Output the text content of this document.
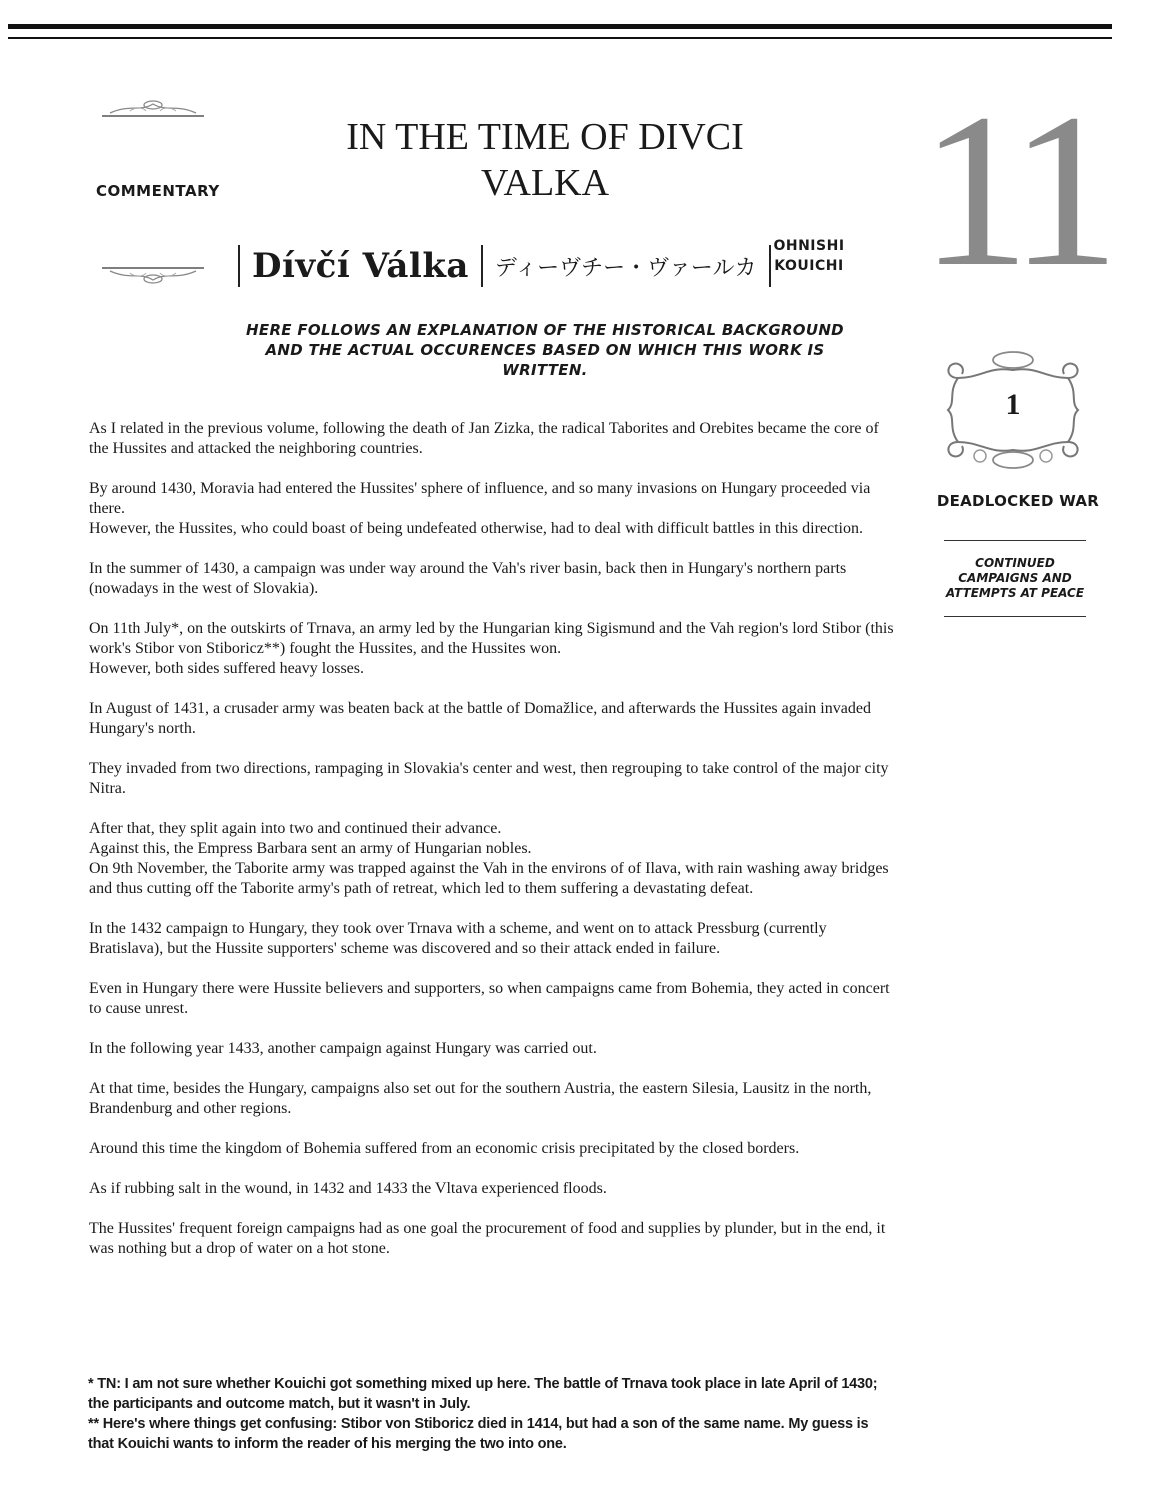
COMMENTARY
IN THE TIME OF DIVCI VALKA
Dívčí Válka	ディーヴチー・ヴァールカ
OHNISHI
KOUICHI 11
HERE FOLLOWS AN EXPLANATION OF THE HISTORICAL BACKGROUND AND THE ACTUAL OCCURENCES BASED ON WHICH THIS WORK IS WRITTEN.
1
DEADLOCKED WAR
CONTINUED CAMPAIGNS AND ATTEMPTS AT PEACE

As I related in the previous volume, following the death of Jan Zizka, the radical Taborites and Orebites became the core of the Hussites and attacked the neighboring countries.

By around 1430, Moravia had entered the Hussites' sphere of influence, and so many invasions on Hungary proceeded via there.
However, the Hussites, who could boast of being undefeated otherwise, had to deal with difficult battles in this direction.

In the summer of 1430, a campaign was under way around the Vah's river basin, back then in Hungary's northern parts (nowadays in the west of Slovakia).

On 11th July*, on the outskirts of Trnava, an army led by the Hungarian king Sigismund and the Vah region's lord Stibor (this work's Stibor von Stiboricz**) fought the Hussites, and the Hussites won.
However, both sides suffered heavy losses.

In August of 1431, a crusader army was beaten back at the battle of Domažlice, and afterwards the Hussites again invaded Hungary's north.

They invaded from two directions, rampaging in Slovakia's center and west, then regrouping to take control of the major city Nitra.

After that, they split again into two and continued their advance.
Against this, the Empress Barbara sent an army of Hungarian nobles.
On 9th November, the Taborite army was trapped against the Vah in the environs of of Ilava, with rain washing away bridges and thus cutting off the Taborite army's path of retreat, which led to them suffering a devastating defeat.

In the 1432 campaign to Hungary, they took over Trnava with a scheme, and went on to attack Pressburg (currently Bratislava), but the Hussite supporters' scheme was discovered and so their attack ended in failure.

Even in Hungary there were Hussite believers and supporters, so when campaigns came from Bohemia, they acted in concert to cause unrest.

In the following year 1433, another campaign against Hungary was carried out.

At that time, besides the Hungary, campaigns also set out for the southern Austria, the eastern Silesia, Lausitz in the north, Brandenburg and other regions.

Around this time the kingdom of Bohemia suffered from an economic crisis precipitated by the closed borders.

As if rubbing salt in the wound, in 1432 and 1433 the Vltava experienced floods.

The Hussites' frequent foreign campaigns had as one goal the procurement of food and supplies by plunder, but in the end, it was nothing but a drop of water on a hot stone.

* TN: I am not sure whether Kouichi got something mixed up here. The battle of Trnava took place in late April of 1430; the participants and outcome match, but it wasn't in July.

** Here's where things get confusing: Stibor von Stiboricz died in 1414, but had a son of the same name. My guess is that Kouichi wants to inform the reader of his merging the two into one.
